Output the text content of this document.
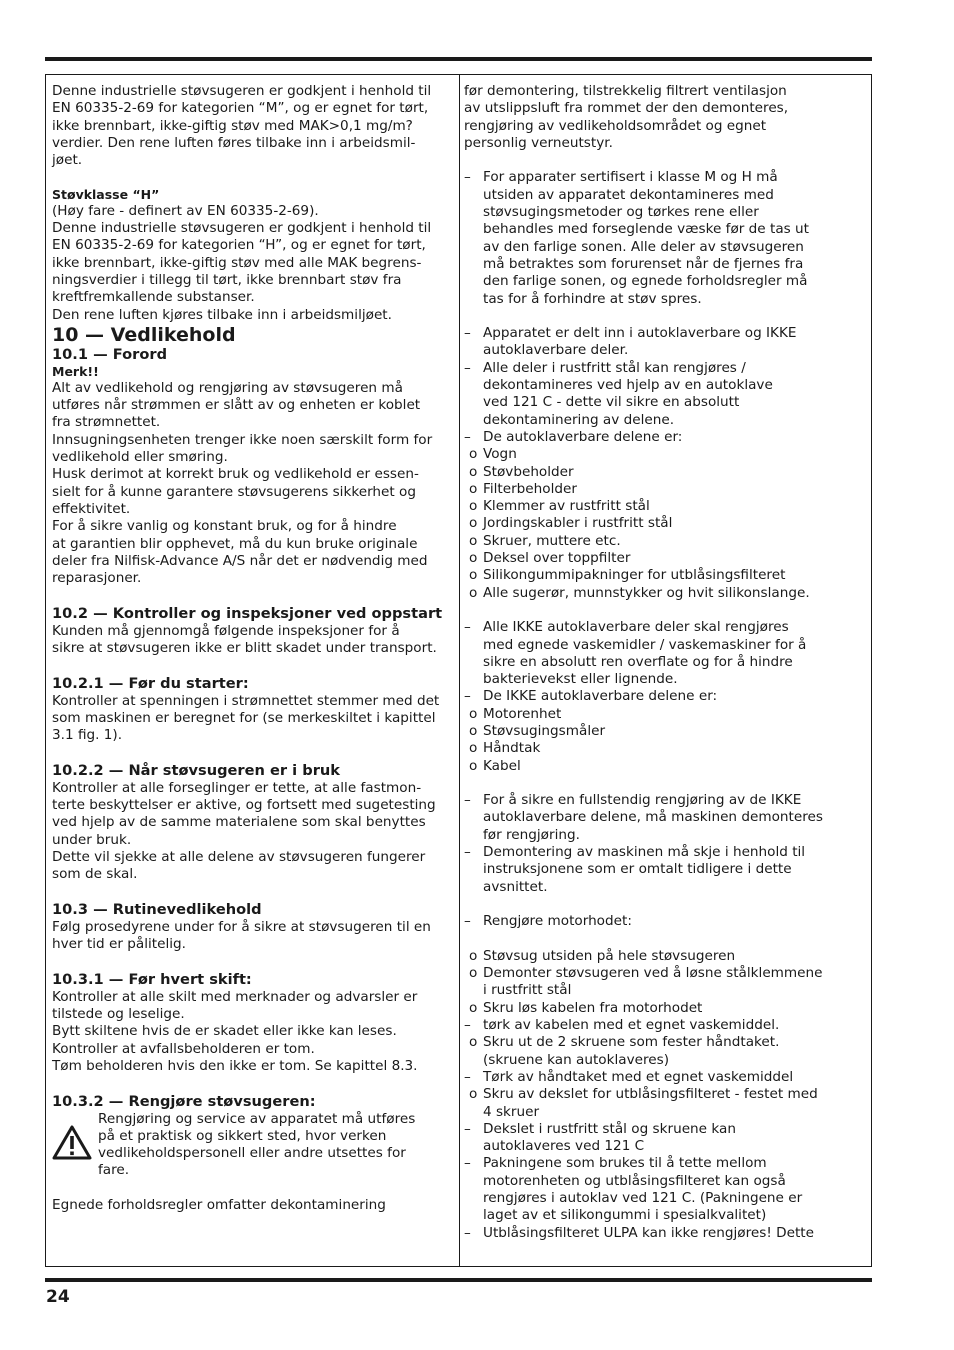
Denne industrielle støvsugeren er godkjent i henhold til

EN 60335-2-69 for kategorien “M”, og er egnet for tørt,

ikke brennbart, ikke-giftig støv med MAK>0,1 mg/m?

verdier. Den rene luften føres tilbake inn i arbeidsmil-

jøet.

Støvklasse “H”

(Høy fare - definert av EN 60335-2-69).

Denne industrielle støvsugeren er godkjent i henhold til

EN 60335-2-69 for kategorien “H”, og er egnet for tørt,

ikke brennbart, ikke-giftig støv med alle MAK begrens-

ningsverdier i tillegg til tørt, ikke brennbart støv fra

kreftfremkallende substanser.

Den rene luften kjøres tilbake inn i arbeidsmiljøet.

10 — Vedlikehold

10.1 — Forord

Merk!!

Alt av vedlikehold og rengjøring av støvsugeren må

utføres når strømmen er slått av og enheten er koblet

fra strømnettet.

Innsugningsenheten trenger ikke noen særskilt form for

vedlikehold eller smøring.

Husk derimot at korrekt bruk og vedlikehold er essen-

sielt for å kunne garantere støvsugerens sikkerhet og

effektivitet.

For å sikre vanlig og konstant bruk, og for å hindre

at garantien blir opphevet, må du kun bruke originale

deler fra Nilfisk-Advance A/S når det er nødvendig med

reparasjoner.

10.2 — Kontroller og inspeksjoner ved oppstart

Kunden må gjennomgå følgende inspeksjoner for å

sikre at støvsugeren ikke er blitt skadet under transport.

10.2.1 — Før du starter:

Kontroller at spenningen i strømnettet stemmer med det

som maskinen er beregnet for (se merkeskiltet i kapittel

3.1 fig. 1).

10.2.2 — Når støvsugeren er i bruk

Kontroller at alle forseglinger er tette, at alle fastmon-

terte beskyttelser er aktive, og fortsett med sugetesting

ved hjelp av de samme materialene som skal benyttes

under bruk.

Dette vil sjekke at alle delene av støvsugeren fungerer

som de skal.

10.3 — Rutinevedlikehold

Følg prosedyrene under for å sikre at støvsugeren til en

hver tid er pålitelig.

10.3.1 — Før hvert skift:

Kontroller at alle skilt med merknader og advarsler er

tilstede og leselige.

Bytt skiltene hvis de er skadet eller ikke kan leses.

Kontroller at avfallsbeholderen er tom.

Tøm beholderen hvis den ikke er tom. Se kapittel 8.3.

10.3.2 — Rengjøre støvsugeren:

Rengjøring og service av apparatet må utføres

på et praktisk og sikkert sted, hvor verken

vedlikeholdspersonell eller andre utsettes for

fare.

Egnede forholdsregler omfatter dekontaminering

før demontering, tilstrekkelig filtrert ventilasjon

av utslippsluft fra rommet der den demonteres,

rengjøring av vedlikeholdsområdet og egnet

personlig verneutstyr.

– For apparater sertifisert i klasse M og H må

utsiden av apparatet dekontamineres med

støvsugingsmetoder og tørkes rene eller

behandles med forseglende væske før de tas ut

av den farlige sonen. Alle deler av støvsugeren

må betraktes som forurenset når de fjernes fra

den farlige sonen, og egnede forholdsregler må

tas for å forhindre at støv spres.

– Apparatet er delt inn i autoklaverbare og IKKE

autoklaverbare deler.

– Alle deler i rustfritt stål kan rengjøres /

dekontamineres ved hjelp av en autoklave

ved 121 C - dette vil sikre en absolutt

dekontaminering av delene.

– De autoklaverbare delene er:

o Vogn
o Støvbeholder
o Filterbeholder
o Klemmer av rustfritt stål
o Jordingskabler i rustfritt stål
o Skruer, muttere etc.
o Deksel over toppfilter
o Silikongummipakninger for utblåsingsfilteret
o Alle sugerør, munnstykker og hvit silikonslange.
– Alle IKKE autoklaverbare deler skal rengjøres

med egnede vaskemidler / vaskemaskiner for å

sikre en absolutt ren overflate og for å hindre

bakterievekst eller lignende.

– De IKKE autoklaverbare delene er:

o Motorenhet
o Støvsugingsmåler
o Håndtak
o Kabel
– For å sikre en fullstendig rengjøring av de IKKE

autoklaverbare delene, må maskinen demonteres

før rengjøring.

– Demontering av maskinen må skje i henhold til

instruksjonene som er omtalt tidligere i dette

avsnittet.

– Rengjøre motorhodet:

o Støvsug utsiden på hele støvsugeren

o Demonter støvsugeren ved å løsne stålklemmene

i rustfritt stål

o Skru løs kabelen fra motorhodet

– tørk av kabelen med et egnet vaskemiddel.

o Skru ut de 2 skruene som fester håndtaket.

(skruene kan autoklaveres)

– Tørk av håndtaket med et egnet vaskemiddel

o Skru av dekslet for utblåsingsfilteret - festet med

4 skruer

– Dekslet i rustfritt stål og skruene kan

autoklaveres ved 121 C

– Pakningene som brukes til å tette mellom

motorenheten og utblåsingsfilteret kan også

rengjøres i autoklav ved 121 C. (Pakningene er

laget av et silikongummi i spesialkvalitet)

– Utblåsingsfilteret ULPA kan ikke rengjøres! Dette

24
